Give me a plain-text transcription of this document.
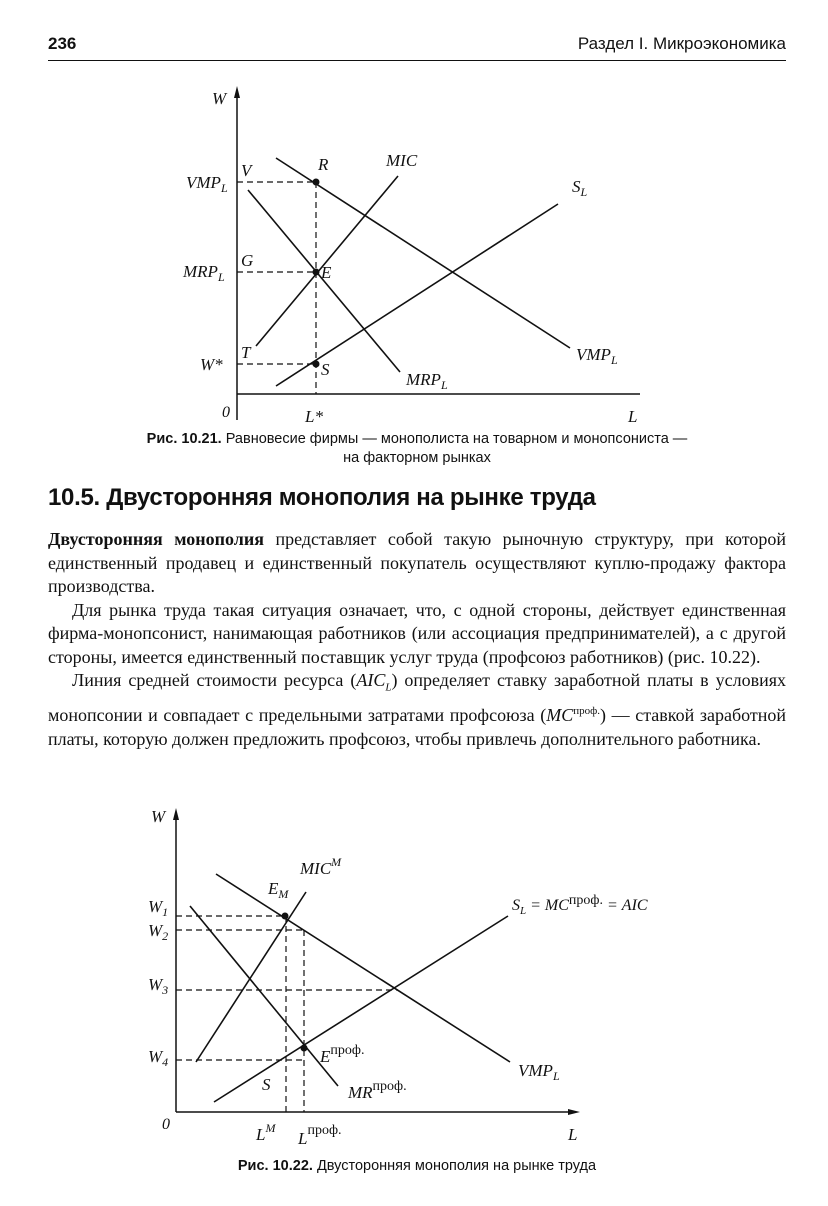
236	Раздел I. Микроэкономика
W
L
0	L*
$VMP_L$
$MRP_L$
W*
V
G
T
R
E
S
MIC
$S_L$
$VMP_L$
$MRP_L$
Рис. 10.21. Равновесие фирмы — монополиста на товарном и монопсониста —
на факторном рынках
10.5. Двусторонняя монополия на рынке труда

Двусторонняя монополия представляет собой такую рыночную структуру, при которой единственный продавец и единственный покупатель осуществляют куплю-продажу фактора производства.

Для рынка труда такая ситуация означает, что, с одной стороны, действует единственная фирма-монопсонист, нанимающая работников (или ассоциация предпринимателей), а с другой стороны, имеется единственный поставщик услуг труда (профсоюз работников) (рис. 10.22).

Линия средней стоимости ресурса $(AIC_L)$ определяет ставку заработной платы в условиях монопсонии и совпадает с предельными затратами профсоюза $(MC^{проф.})$ — ставкой заработной платы, которую должен предложить профсоюз, чтобы привлечь дополнительного работника.

W
L
0
$W_1$
$W_2$
$W_3$
$W_4$
$MIC^M$
$E_M$
$S_L$ = MCпроф. = AIC
$E^{проф.}$
S	$MR^{проф.}$
$VMP_L$
$L^M$
$L^{проф.}$
Рис. 10.22. Двусторонняя монополия на рынке труда
